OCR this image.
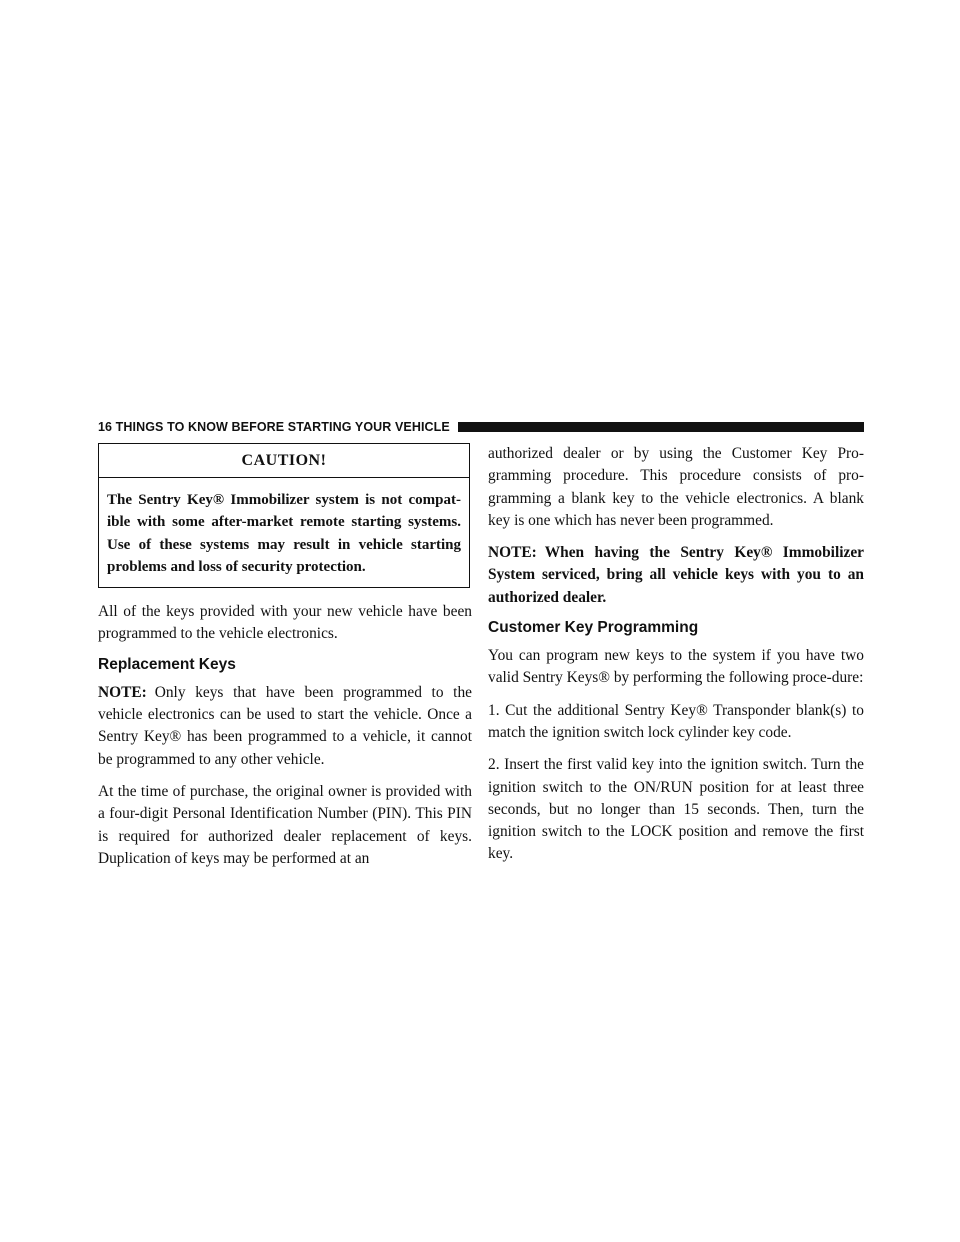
16 THINGS TO KNOW BEFORE STARTING YOUR VEHICLE
CAUTION!
The Sentry Key® Immobilizer system is not compat-ible with some after-market remote starting systems. Use of these systems may result in vehicle starting problems and loss of security protection.

All of the keys provided with your new vehicle have been programmed to the vehicle electronics.

Replacement Keys

NOTE: Only keys that have been programmed to the vehicle electronics can be used to start the vehicle. Once a Sentry Key® has been programmed to a vehicle, it cannot be programmed to any other vehicle.

At the time of purchase, the original owner is provided with a four-digit Personal Identification Number (PIN). This PIN is required for authorized dealer replacement of keys. Duplication of keys may be performed at an

authorized dealer or by using the Customer Key Pro-gramming procedure. This procedure consists of pro-gramming a blank key to the vehicle electronics. A blank key is one which has never been programmed.

NOTE: When having the Sentry Key® Immobilizer System serviced, bring all vehicle keys with you to an authorized dealer.

Customer Key Programming

You can program new keys to the system if you have two valid Sentry Keys® by performing the following proce-dure:

1. Cut the additional Sentry Key® Transponder blank(s) to match the ignition switch lock cylinder key code.

2. Insert the first valid key into the ignition switch. Turn the ignition switch to the ON/RUN position for at least three seconds, but no longer than 15 seconds. Then, turn the ignition switch to the LOCK position and remove the first key.
